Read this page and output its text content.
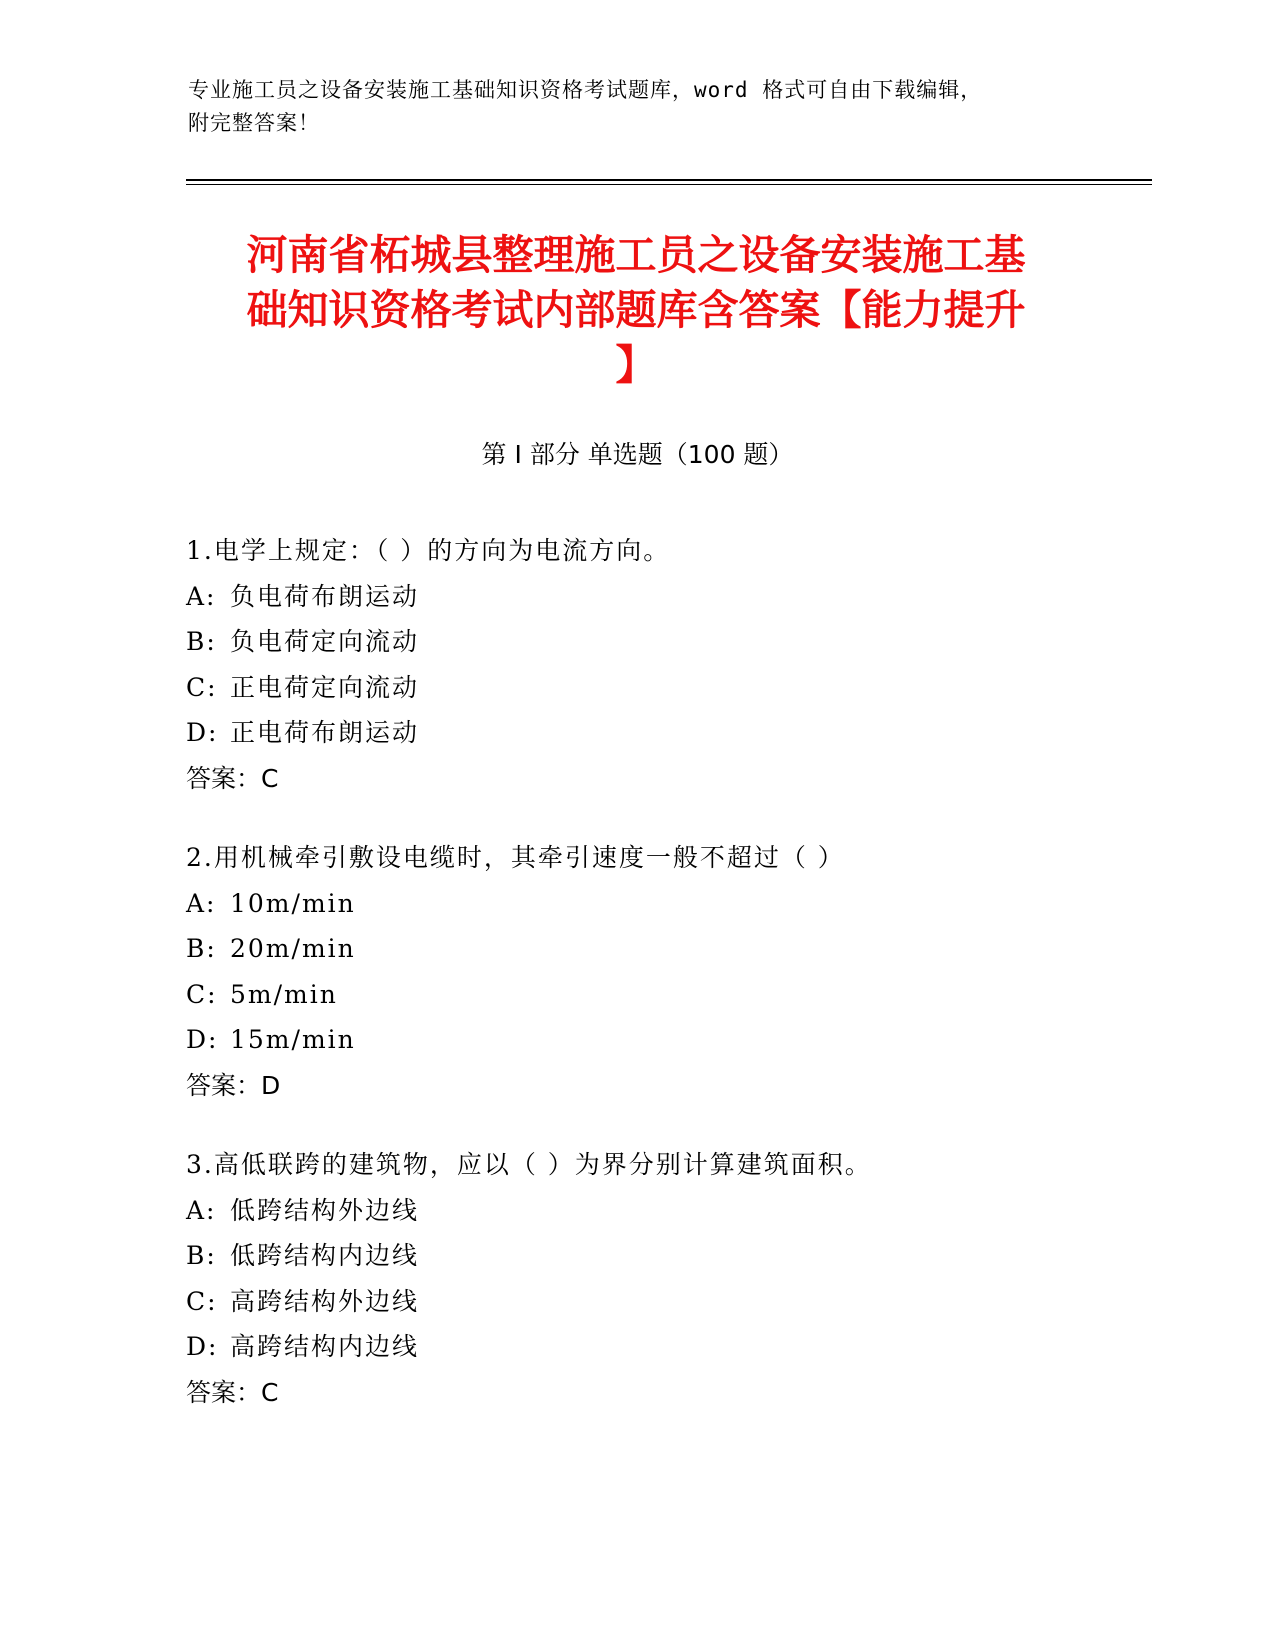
专业施工员之设备安装施工基础知识资格考试题库，word 格式可自由下载编辑，
附完整答案！
河南省柘城县整理施工员之设备安装施工基
础知识资格考试内部题库含答案【能力提升
】
第 I 部分 单选题（100 题）
1.电学上规定：（ ）的方向为电流方向。
A: 负电荷布朗运动
B: 负电荷定向流动
C: 正电荷定向流动
D: 正电荷布朗运动
答案：C
2.用机械牵引敷设电缆时，其牵引速度一般不超过（ ）
A: 10m/min
B: 20m/min
C: 5m/min
D: 15m/min
答案：D
3.高低联跨的建筑物，应以（ ）为界分别计算建筑面积。
A: 低跨结构外边线
B: 低跨结构内边线
C: 高跨结构外边线
D: 高跨结构内边线
答案：C
